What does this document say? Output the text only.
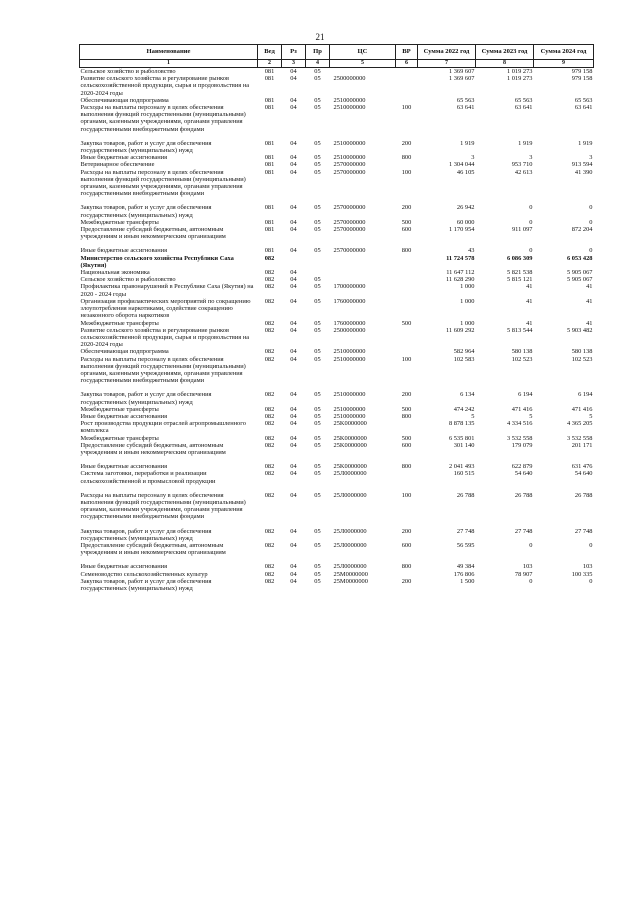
21
Наименование	Вед	Рз	Пр	ЦС	ВР	Сумма 2022 год	Сумма 2023 год	Сумма 2024 год
1	2	3	4	5	6	7	8	9
Сельское хозяйство и рыболовство	081	04	05			1 369 607	1 019 273	979 158
Развитие сельского хозяйства и регулирование рынков сельскохозяйственной продукции, сырья и продовольствия на 2020-2024 годы	081	04	05	2500000000		1 369 607	1 019 273	979 158
Обеспечивающая подпрограмма	081	04	05	2510000000		65 563	65 563	65 563
Расходы на выплаты персоналу в целях обеспечения выполнения функций государственными (муниципальными) органами, казенными учреждениями, органами управления государственными внебюджетными фондами	081	04	05	2510000000	100	63 641	63 641	63 641

Закупка товаров, работ и услуг для обеспечения государственных (муниципальных) нужд	081	04	05	2510000000	200	1 919	1 919	1 919
Иные бюджетные ассигнования	081	04	05	2510000000	800	3	3	3
Ветеринарное обеспечение	081	04	05	2570000000		1 304 044	953 710	913 594
Расходы на выплаты персоналу в целях обеспечения выполнения функций государственными (муниципальными) органами, казенными учреждениями, органами управления государственными внебюджетными фондами	081	04	05	2570000000	100	46 105	42 613	41 390

Закупка товаров, работ и услуг для обеспечения государственных (муниципальных) нужд	081	04	05	2570000000	200	26 942	0	0
Межбюджетные трансферты	081	04	05	2570000000	500	60 000	0	0
Предоставление субсидий бюджетным, автономным учреждениям и иным некоммерческим организациям	081	04	05	2570000000	600	1 170 954	911 097	872 204

Иные бюджетные ассигнования	081	04	05	2570000000	800	43	0	0
Министерство сельского хозяйства Республики Саха (Якутия)	082					11 724 578	6 086 309	6 053 428
Национальная экономика	082	04				11 647 112	5 821 538	5 905 067
Сельское хозяйство и рыболовство	082	04	05			11 628 290	5 815 121	5 905 067
Профилактика правонарушений в Республике Саха (Якутия) на 2020 - 2024 годы	082	04	05	1700000000		1 000	41	41
Организация профилактических мероприятий по сокращению злоупотребления наркотиками, содействие сокращению незаконного оборота наркотиков	082	04	05	1760000000		1 000	41	41
Межбюджетные трансферты	082	04	05	1760000000	500	1 000	41	41
Развитие сельского хозяйства и регулирование рынков сельскохозяйственной продукции, сырья и продовольствия на 2020-2024 годы	082	04	05	2500000000		11 609 292	5 813 544	5 903 482
Обеспечивающая подпрограмма	082	04	05	2510000000		582 964	580 138	580 138
Расходы на выплаты персоналу в целях обеспечения выполнения функций государственными (муниципальными) органами, казенными учреждениями, органами управления государственными внебюджетными фондами	082	04	05	2510000000	100	102 583	102 523	102 523

Закупка товаров, работ и услуг для обеспечения государственных (муниципальных) нужд	082	04	05	2510000000	200	6 134	6 194	6 194
Межбюджетные трансферты	082	04	05	2510000000	500	474 242	471 416	471 416
Иные бюджетные ассигнования	082	04	05	2510000000	800	5	5	5
Рост производства продукции отраслей агропромышленного комплекса	082	04	05	25K0000000		8 878 135	4 334 516	4 365 205
Межбюджетные трансферты	082	04	05	25K0000000	500	6 535 801	3 532 558	3 532 558
Предоставление субсидий бюджетным, автономным учреждениям и иным некоммерческим организациям	082	04	05	25K0000000	600	301 140	179 079	201 171

Иные бюджетные ассигнования	082	04	05	25K0000000	800	2 041 493	622 879	631 476
Система заготовки, переработки и реализации сельскохозяйственной и промысловой продукции	082	04	05	25Л0000000		160 515	54 640	54 640

Расходы на выплаты персоналу в целях обеспечения выполнения функций государственными (муниципальными) органами, казенными учреждениями, органами управления государственными внебюджетными фондами	082	04	05	25Л0000000	100	26 788	26 788	26 788

Закупка товаров, работ и услуг для обеспечения государственных (муниципальных) нужд	082	04	05	25Л0000000	200	27 748	27 748	27 748
Предоставление субсидий бюджетным, автономным учреждениям и иным некоммерческим организациям	082	04	05	25Л0000000	600	56 595	0	0

Иные бюджетные ассигнования	082	04	05	25Л0000000	800	49 384	103	103
Семеноводство сельскохозяйственных культур	082	04	05	25M0000000		176 806	78 907	100 335
Закупка товаров, работ и услуг для обеспечения государственных (муниципальных) нужд	082	04	05	25M0000000	200	1 500	0	0
